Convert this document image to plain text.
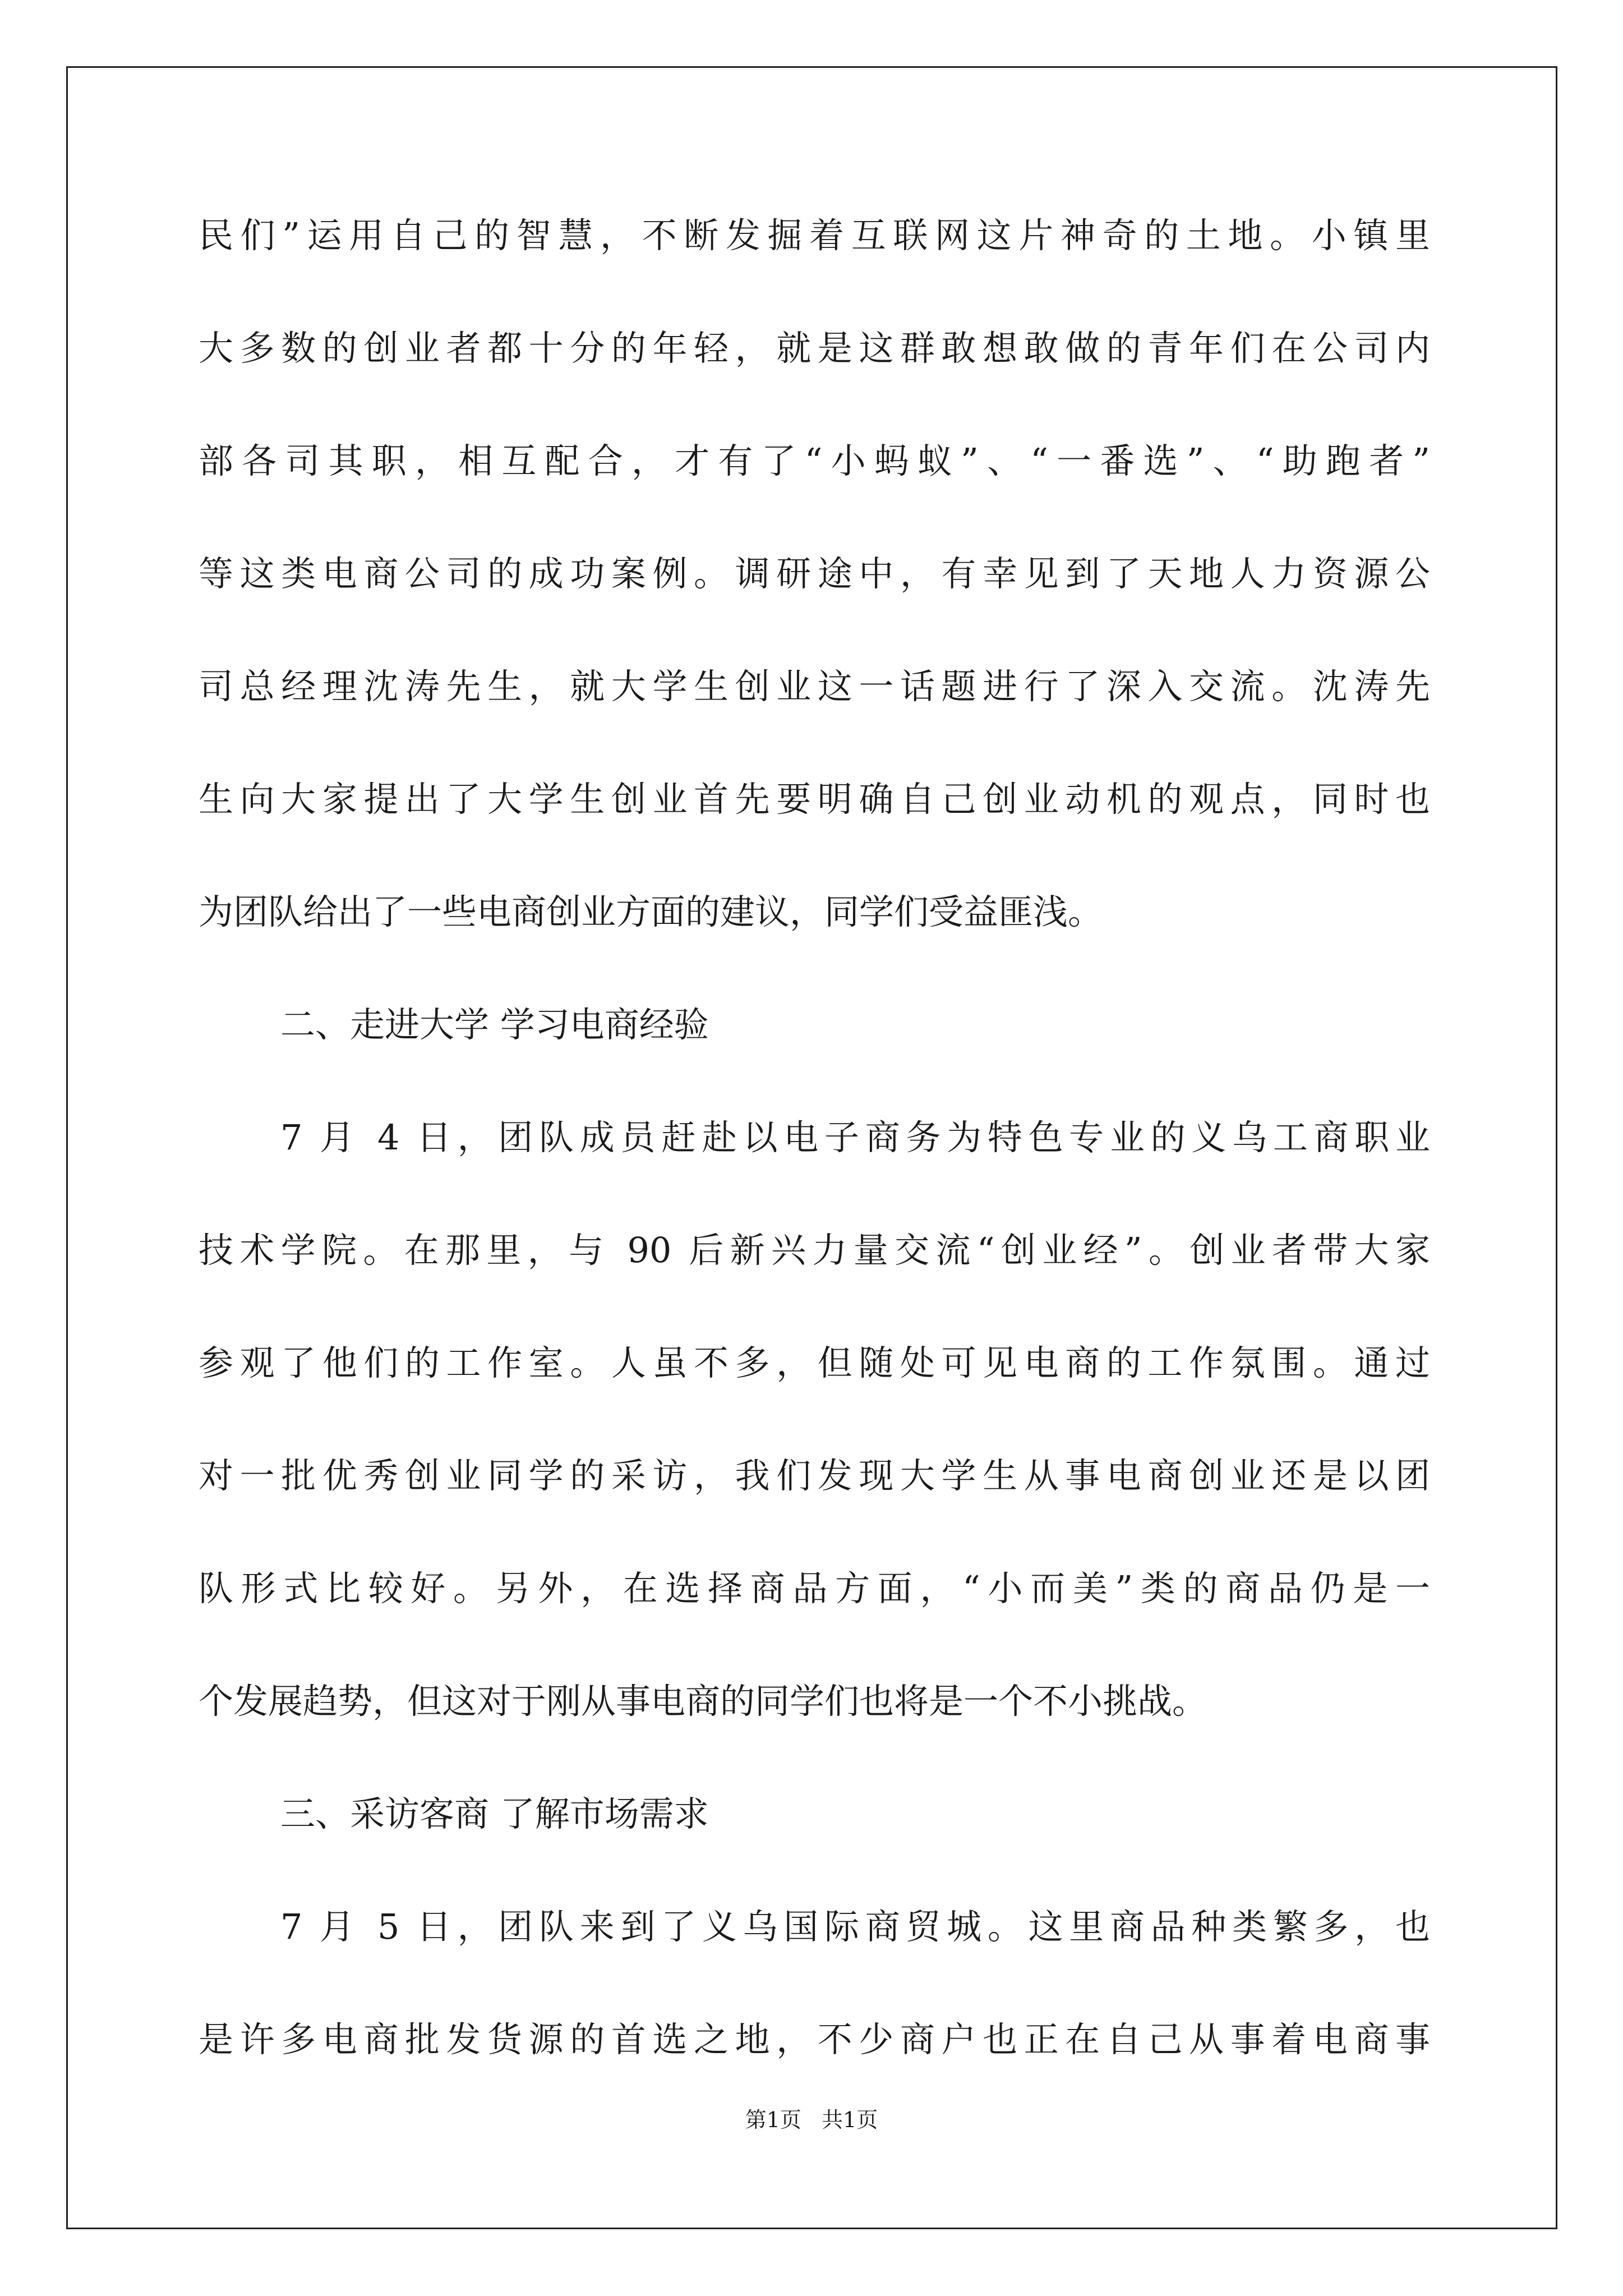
民们”运用自己的智慧，不断发掘着互联网这片神奇的土地。小镇里
大多数的创业者都十分的年轻，就是这群敢想敢做的青年们在公司内
部各司其职，相互配合，才有了“小蚂蚁”、“一番选”、“助跑者”
等这类电商公司的成功案例。调研途中，有幸见到了天地人力资源公
司总经理沈涛先生，就大学生创业这一话题进行了深入交流。沈涛先
生向大家提出了大学生创业首先要明确自己创业动机的观点，同时也
为团队给出了一些电商创业方面的建议，同学们受益匪浅。
二、走进大学 学习电商经验
7 月 4 日，团队成员赶赴以电子商务为特色专业的义乌工商职业
技术学院。在那里，与 90 后新兴力量交流“创业经”。创业者带大家
参观了他们的工作室。人虽不多，但随处可见电商的工作氛围。通过
对一批优秀创业同学的采访，我们发现大学生从事电商创业还是以团
队形式比较好。另外，在选择商品方面，“小而美”类的商品仍是一
个发展趋势，但这对于刚从事电商的同学们也将是一个不小挑战。
三、采访客商 了解市场需求
7 月 5 日，团队来到了义乌国际商贸城。这里商品种类繁多，也
是许多电商批发货源的首选之地，不少商户也正在自己从事着电商事
第1页   共1页
